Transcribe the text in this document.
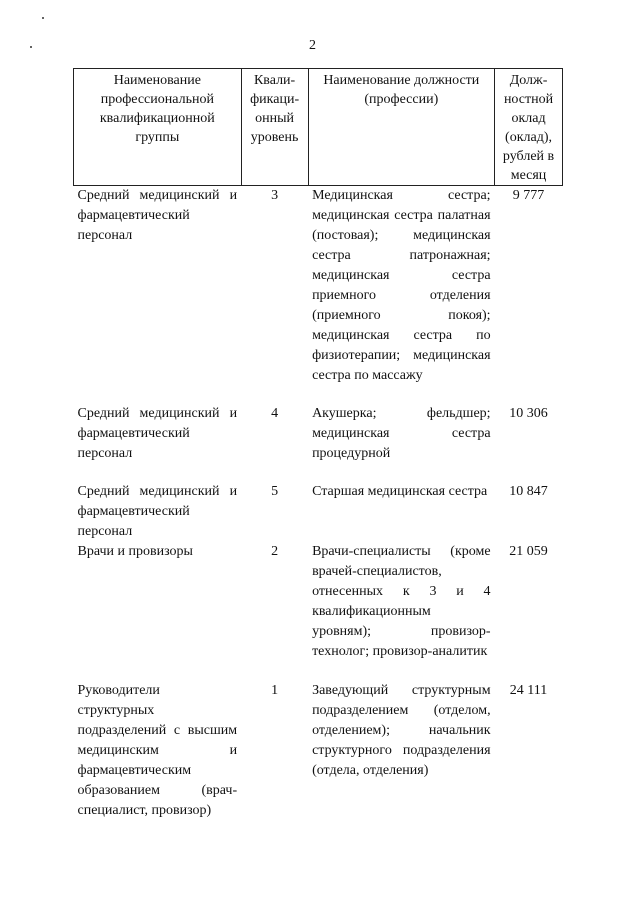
2
Наименование профессиональной квалификационной группы	Квали-фикаци-онный уровень	Наименование должности (профессии)	Долж-ностной оклад (оклад), рублей в месяц
Средний медицинский и фармацевтический персонал	3	Медицинская сестра; медицинская сестра палатная (постовая); медицинская сестра патронажная; медицинская сестра приемного отделения (приемного покоя); медицинская сестра по физиотерапии; медицинская сестра по массажу	9 777
Средний медицинский и фармацевтический персонал	4	Акушерка; фельдшер; медицинская сестра процедурной	10 306
Средний медицинский и фармацевтический персонал	5	Старшая медицинская сестра	10 847
Врачи и провизоры	2	Врачи-специалисты (кроме врачей-специалистов, отнесенных к 3 и 4 квалификационным уровням); провизор-технолог; провизор-аналитик	21 059
Руководители структурных подразделений с высшим медицинским и фармацевтическим образованием (врач-специалист, провизор)	1	Заведующий структурным подразделением (отделом, отделением); начальник структурного подразделения (отдела, отделения)	24 111
